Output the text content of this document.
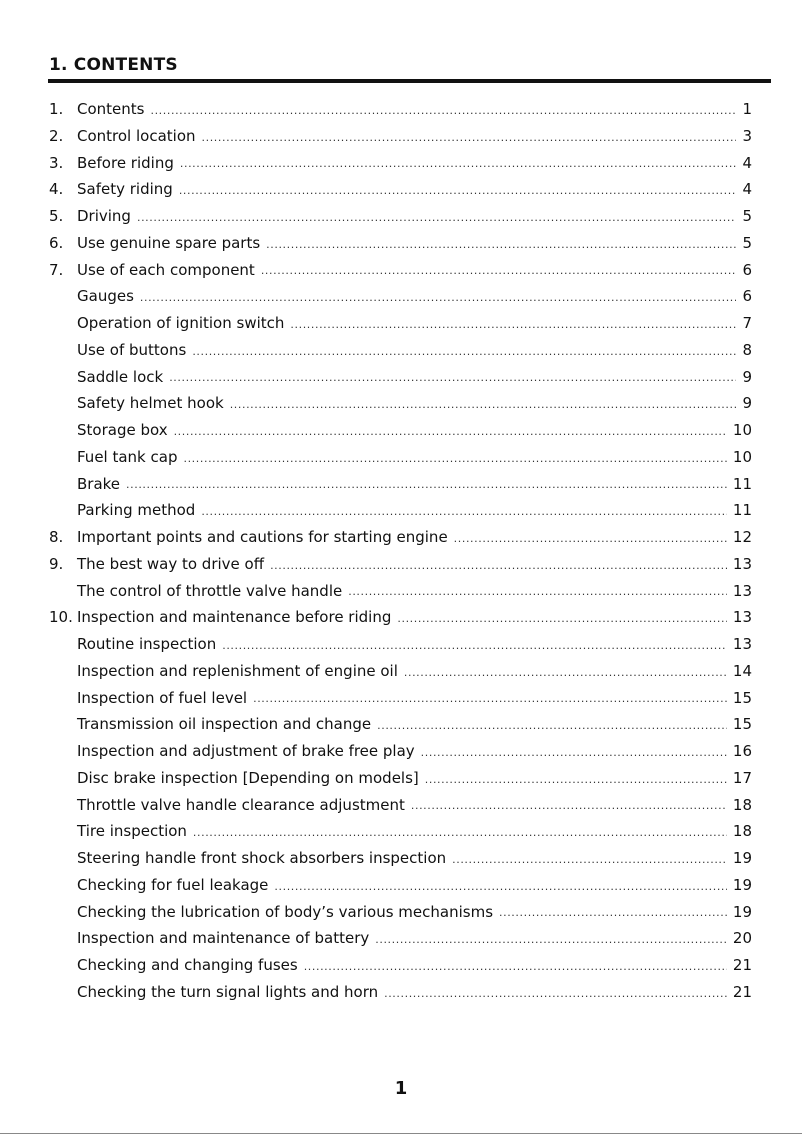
1. CONTENTS
1. Contents .....	1
2. Control location .....	3
3. Before riding .....	4
4. Safety riding .....	4
5. Driving .....	5
6. Use genuine spare parts .....	5
7. Use of each component .....	6
Gauges .....	6
Operation of ignition switch .....	7
Use of buttons .....	8
Saddle lock .....	9
Safety helmet hook .....	9
Storage box .....	10
Fuel tank cap .....	10
Brake .....	11
Parking method .....	11
8. Important points and cautions for starting engine .....	12
9. The best way to drive off .....	13
The control of throttle valve handle .....	13
10. Inspection and maintenance before riding .....	13
Routine inspection .....	13
Inspection and replenishment of engine oil .....	14
Inspection of fuel level .....	15
Transmission oil inspection and change .....	15
Inspection and adjustment of brake free play .....	16
Disc brake inspection [Depending on models] .....	17
Throttle valve handle clearance adjustment .....	18
Tire inspection .....	18
Steering handle front shock absorbers inspection .....	19
Checking for fuel leakage .....	19
Checking the lubrication of body’s various mechanisms .....	19
Inspection and maintenance of battery .....	20
Checking and changing fuses .....	21
Checking the turn signal lights and horn .....	21
1
